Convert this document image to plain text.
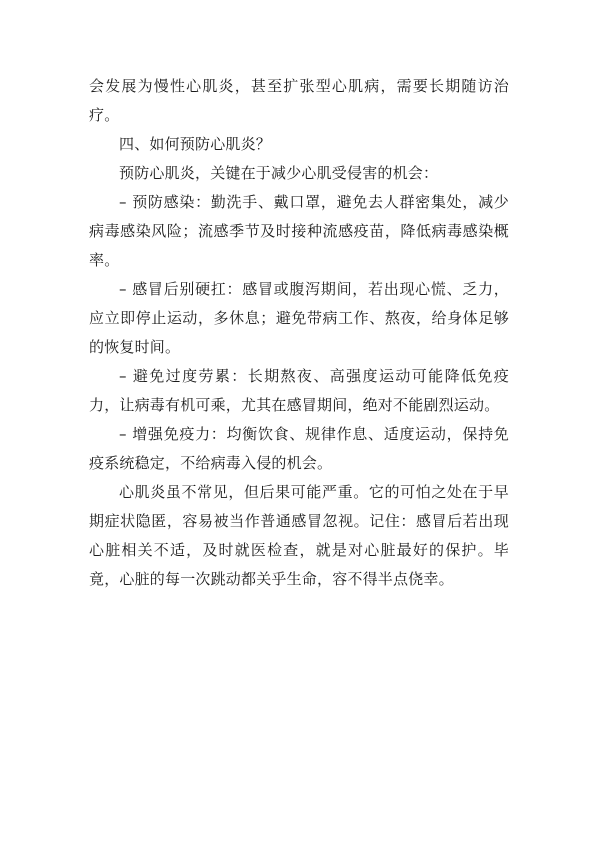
会发展为慢性心肌炎，甚至扩张型心肌病，需要长期随访治疗。

四、如何预防心肌炎？

预防心肌炎，关键在于减少心肌受侵害的机会：

– 预防感染：勤洗手、戴口罩，避免去人群密集处，减少病毒感染风险；流感季节及时接种流感疫苗，降低病毒感染概率。

– 感冒后别硬扛：感冒或腹泻期间，若出现心慌、乏力，应立即停止运动，多休息；避免带病工作、熬夜，给身体足够的恢复时间。

– 避免过度劳累：长期熬夜、高强度运动可能降低免疫力，让病毒有机可乘，尤其在感冒期间，绝对不能剧烈运动。

– 增强免疫力：均衡饮食、规律作息、适度运动，保持免疫系统稳定，不给病毒入侵的机会。

心肌炎虽不常见，但后果可能严重。它的可怕之处在于早期症状隐匿，容易被当作普通感冒忽视。记住：感冒后若出现心脏相关不适，及时就医检查，就是对心脏最好的保护。毕竟，心脏的每一次跳动都关乎生命，容不得半点侥幸。
